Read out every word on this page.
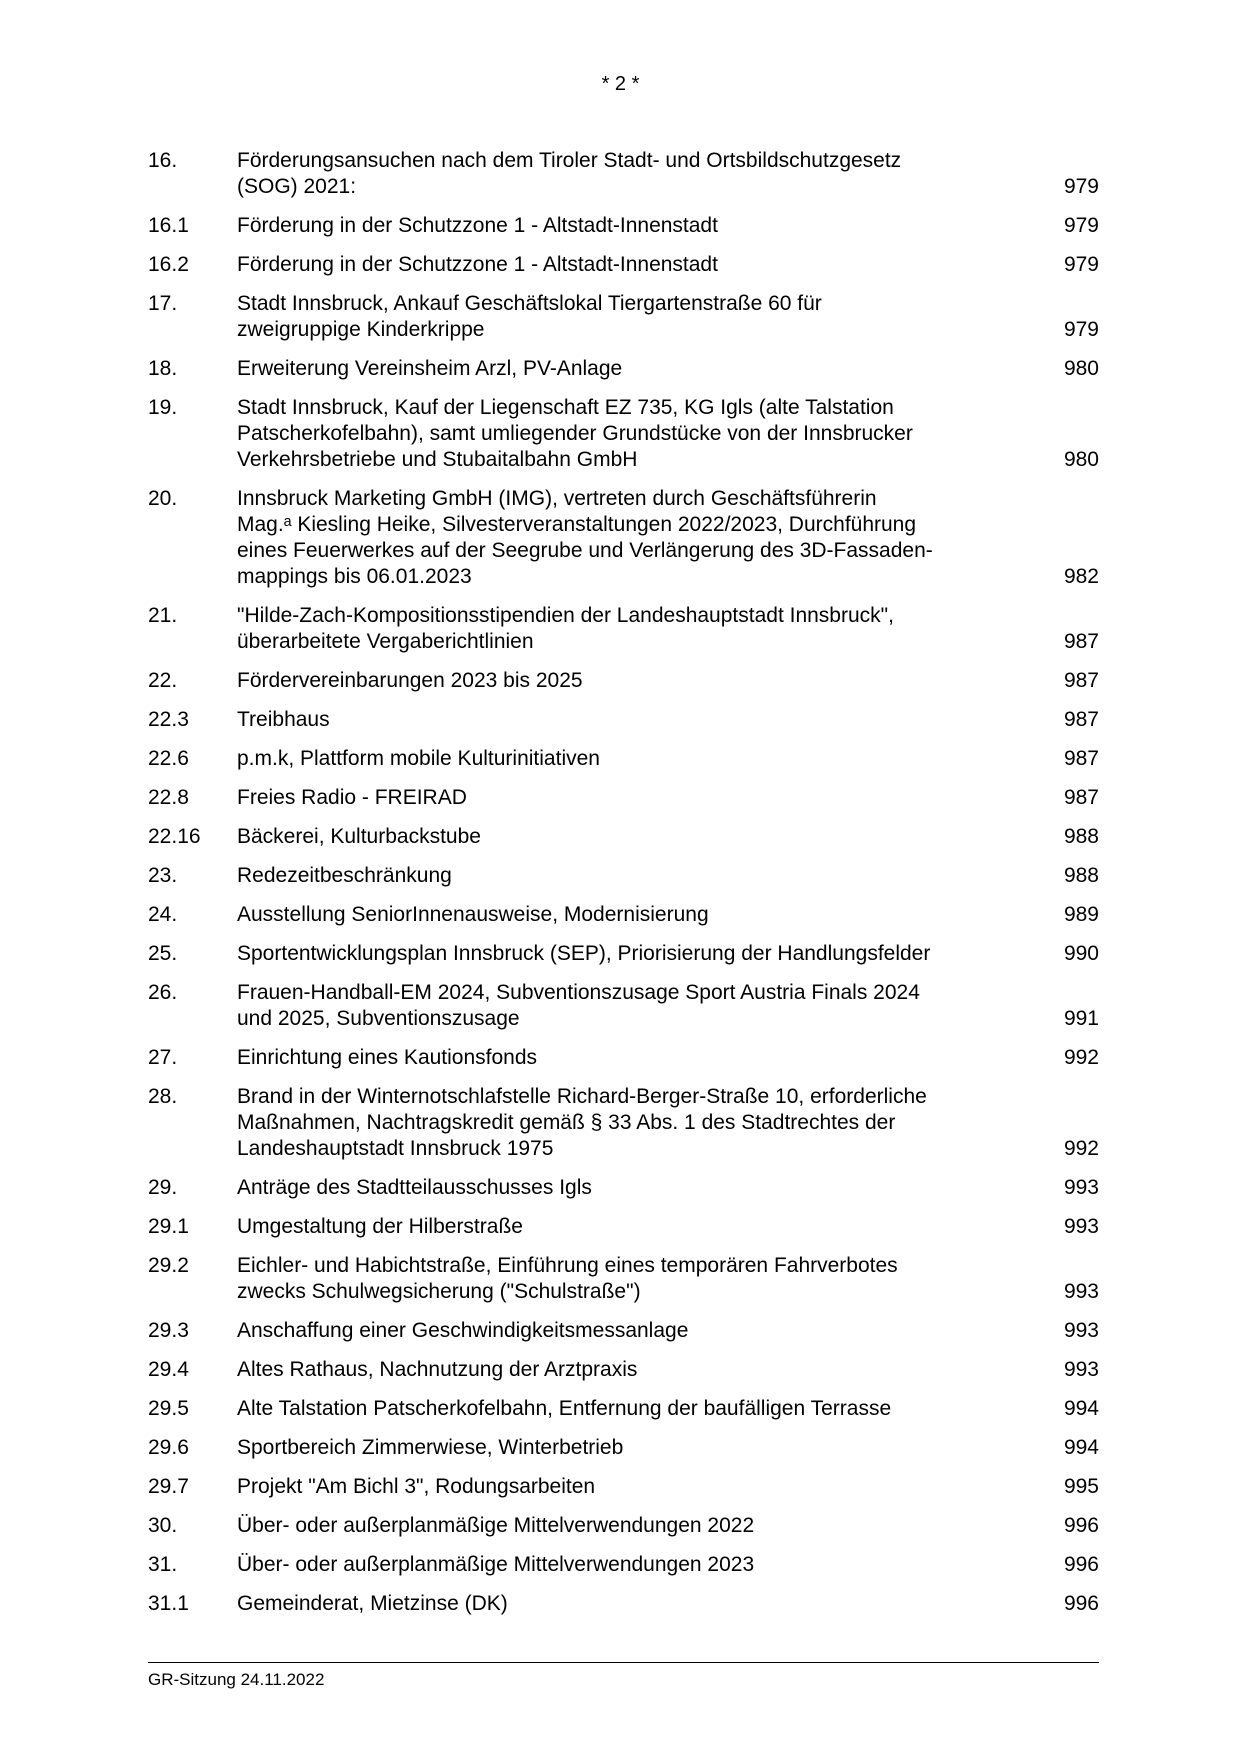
* 2 *
16.	Förderungsansuchen nach dem Tiroler Stadt- und Ortsbildschutzgesetz
(SOG) 2021:	979
16.1	Förderung in der Schutzzone 1 - Altstadt-Innenstadt	979
16.2	Förderung in der Schutzzone 1 - Altstadt-Innenstadt	979
17.	Stadt Innsbruck, Ankauf Geschäftslokal Tiergartenstraße 60 für
zweigruppige Kinderkrippe	979
18.	Erweiterung Vereinsheim Arzl, PV-Anlage	980
19.	Stadt Innsbruck, Kauf der Liegenschaft EZ 735, KG Igls (alte Talstation
Patscherkofelbahn), samt umliegender Grundstücke von der Innsbrucker
Verkehrsbetriebe und Stubaitalbahn GmbH	980
20.	Innsbruck Marketing GmbH (IMG), vertreten durch Geschäftsführerin
Mag.ᵃ Kiesling Heike, Silvesterveranstaltungen 2022/2023, Durchführung
eines Feuerwerkes auf der Seegrube und Verlängerung des 3D-Fassaden-
mappings bis 06.01.2023	982
21.	"Hilde-Zach-Kompositionsstipendien der Landeshauptstadt Innsbruck",
überarbeitete Vergaberichtlinien	987
22.	Fördervereinbarungen 2023 bis 2025	987
22.3	Treibhaus	987
22.6	p.m.k, Plattform mobile Kulturinitiativen	987
22.8	Freies Radio - FREIRAD	987
22.16	Bäckerei, Kulturbackstube	988
23.	Redezeitbeschränkung	988
24.	Ausstellung SeniorInnenausweise, Modernisierung	989
25.	Sportentwicklungsplan Innsbruck (SEP), Priorisierung der Handlungsfelder	990
26.	Frauen-Handball-EM 2024, Subventionszusage Sport Austria Finals 2024
und 2025, Subventionszusage	991
27.	Einrichtung eines Kautionsfonds	992
28.	Brand in der Winternotschlafstelle Richard-Berger-Straße 10, erforderliche
Maßnahmen, Nachtragskredit gemäß § 33 Abs. 1 des Stadtrechtes der
Landeshauptstadt Innsbruck 1975	992
29.	Anträge des Stadtteilausschusses Igls	993
29.1	Umgestaltung der Hilberstraße	993
29.2	Eichler- und Habichtstraße, Einführung eines temporären Fahrverbotes
zwecks Schulwegsicherung ("Schulstraße")	993
29.3	Anschaffung einer Geschwindigkeitsmessanlage	993
29.4	Altes Rathaus, Nachnutzung der Arztpraxis	993
29.5	Alte Talstation Patscherkofelbahn, Entfernung der baufälligen Terrasse	994
29.6	Sportbereich Zimmerwiese, Winterbetrieb	994
29.7	Projekt "Am Bichl 3", Rodungsarbeiten	995
30.	Über- oder außerplanmäßige Mittelverwendungen 2022	996
31.	Über- oder außerplanmäßige Mittelverwendungen 2023	996
31.1	Gemeinderat, Mietzinse (DK)	996
GR-Sitzung 24.11.2022
